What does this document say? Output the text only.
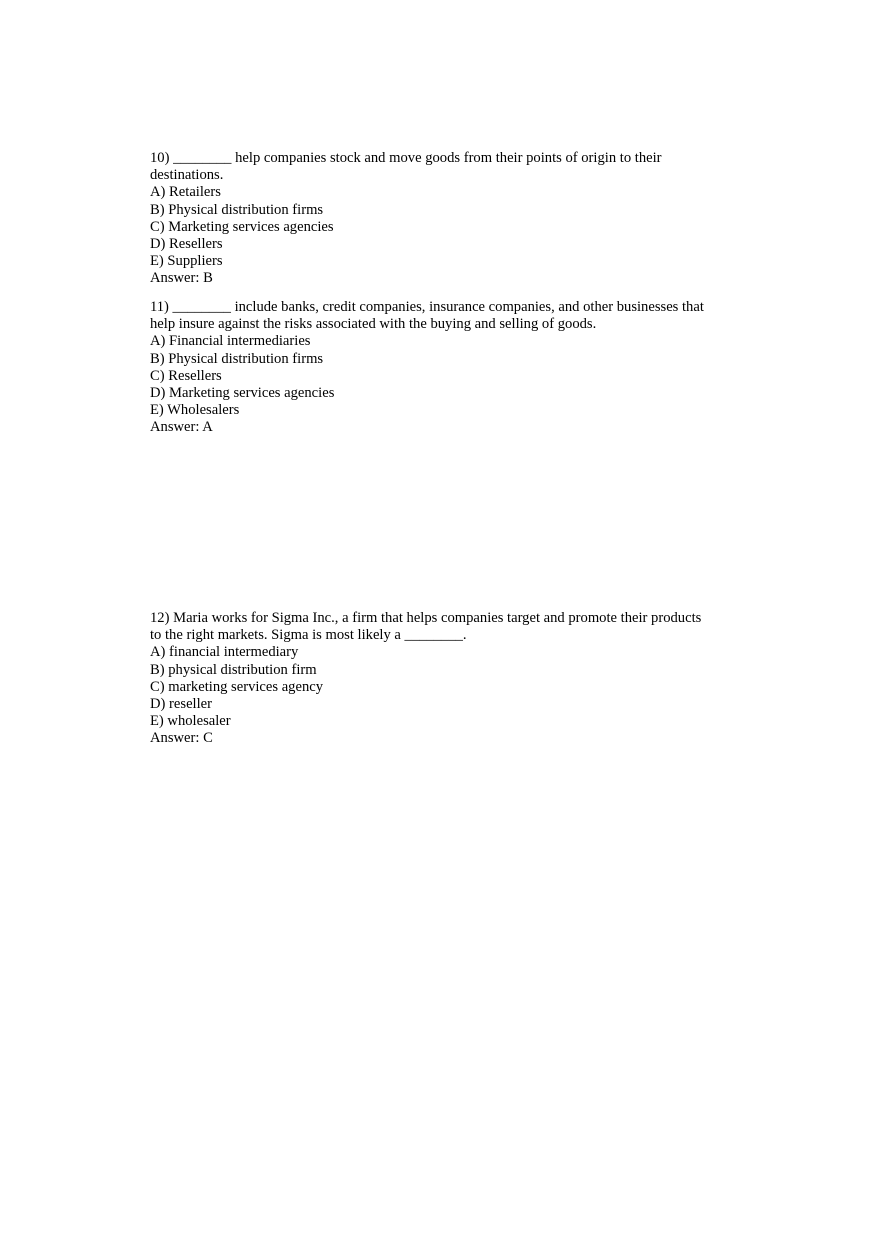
10) ________ help companies stock and move goods from their points of origin to their
destinations.
A) Retailers
B) Physical distribution firms
C) Marketing services agencies
D) Resellers
E) Suppliers
Answer: B
11) ________ include banks, credit companies, insurance companies, and other businesses that
help insure against the risks associated with the buying and selling of goods.
A) Financial intermediaries
B) Physical distribution firms
C) Resellers
D) Marketing services agencies
E) Wholesalers
Answer: A
12) Maria works for Sigma Inc., a firm that helps companies target and promote their products
to the right markets. Sigma is most likely a ________.
A) financial intermediary
B) physical distribution firm
C) marketing services agency
D) reseller
E) wholesaler
Answer: C
